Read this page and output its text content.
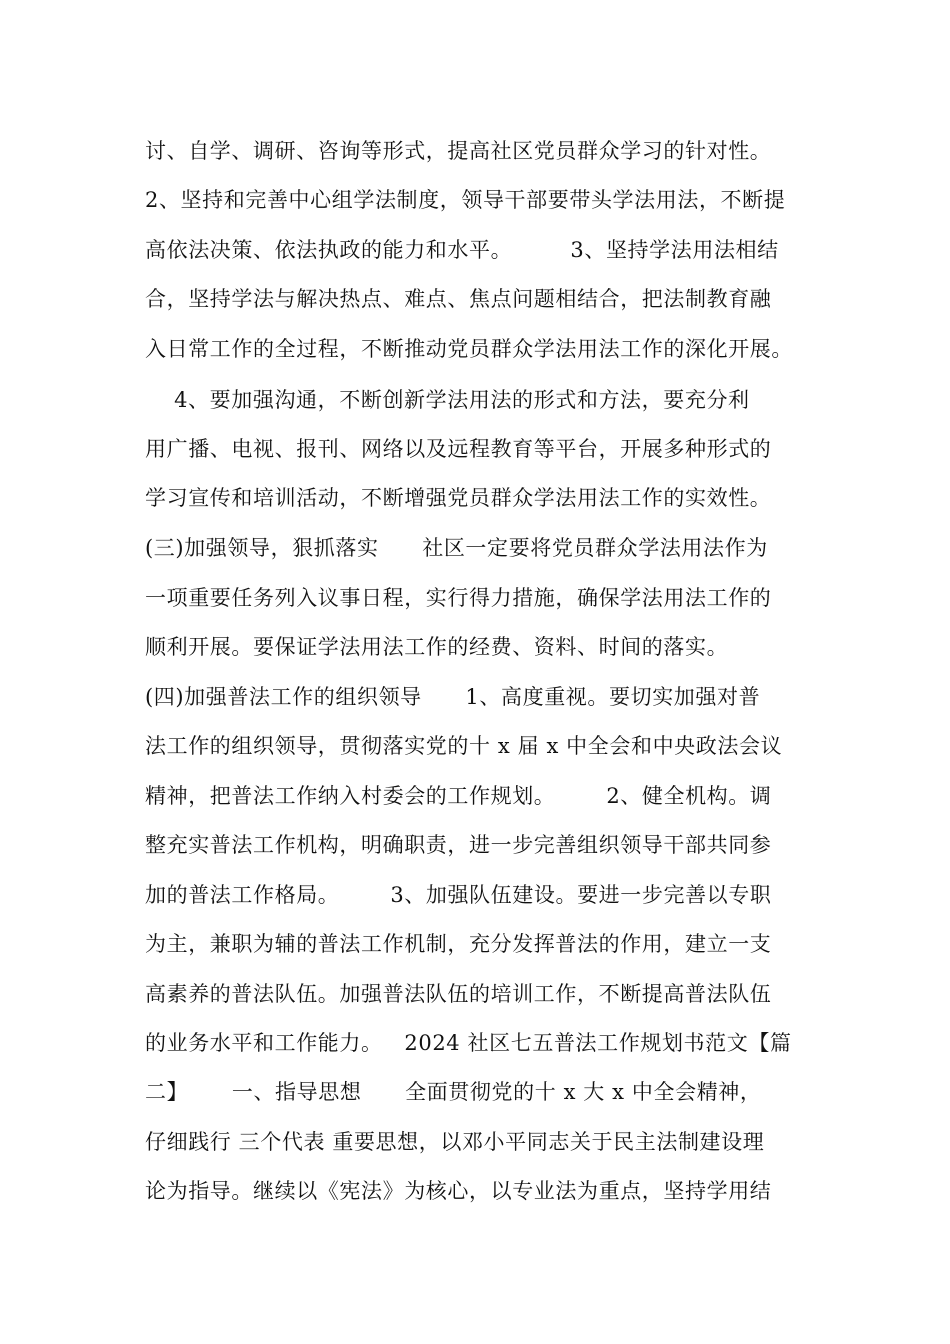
讨、自学、调研、咨询等形式，提高社区党员群众学习的针对性。
2、坚持和完善中心组学法制度，领导干部要带头学法用法，不断提
高依法决策、依法执政的能力和水平。        3、坚持学法用法相结
合，坚持学法与解决热点、难点、焦点问题相结合，把法制教育融
入日常工作的全过程，不断推动党员群众学法用法工作的深化开展。
4、要加强沟通，不断创新学法用法的形式和方法，要充分利
用广播、电视、报刊、网络以及远程教育等平台，开展多种形式的
学习宣传和培训活动，不断增强党员群众学法用法工作的实效性。
(三)加强领导，狠抓落实      社区一定要将党员群众学法用法作为
一项重要任务列入议事日程，实行得力措施，确保学法用法工作的
顺利开展。要保证学法用法工作的经费、资料、时间的落实。
(四)加强普法工作的组织领导      1、高度重视。要切实加强对普
法工作的组织领导，贯彻落实党的十 x 届 x 中全会和中央政法会议
精神，把普法工作纳入村委会的工作规划。       2、健全机构。调
整充实普法工作机构，明确职责，进一步完善组织领导干部共同参
加的普法工作格局。       3、加强队伍建设。要进一步完善以专职
为主，兼职为辅的普法工作机制，充分发挥普法的作用，建立一支
高素养的普法队伍。加强普法队伍的培训工作，不断提高普法队伍
的业务水平和工作能力。   2024 社区七五普法工作规划书范文【篇
二】      一、指导思想      全面贯彻党的十 x 大 x 中全会精神，
仔细践行 三个代表 重要思想，以邓小平同志关于民主法制建设理
论为指导。继续以《宪法》为核心，以专业法为重点，坚持学用结
